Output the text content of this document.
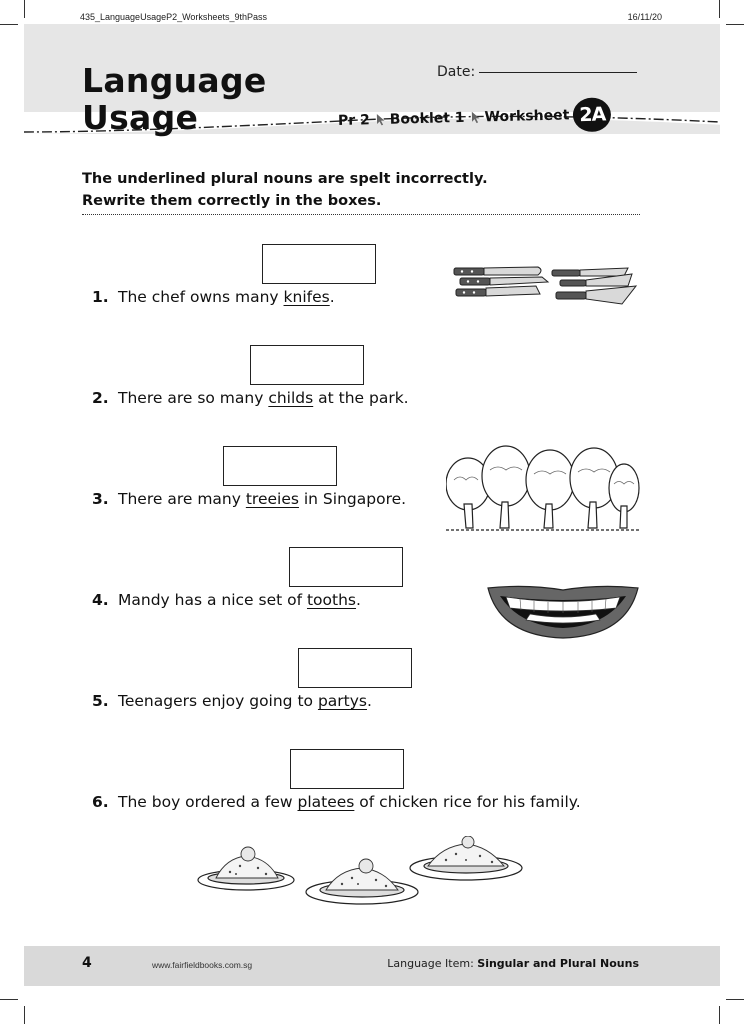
435_LanguageUsageP2_Worksheets_9thPass	16/11/20
Language
Usage
Date:
Pr 2 Booklet 1 Worksheet 2A
The underlined plural nouns are spelt incorrectly.
Rewrite them correctly in the boxes.
1. The chef owns many knifes.
2. There are so many childs at the park.
3. There are many treeies in Singapore.
4. Mandy has a nice set of tooths.
5. Teenagers enjoy going to partys.
6. The boy ordered a few platees of chicken rice for his family.
4	www.fairfieldbooks.com.sg	Language Item: Singular and Plural Nouns
